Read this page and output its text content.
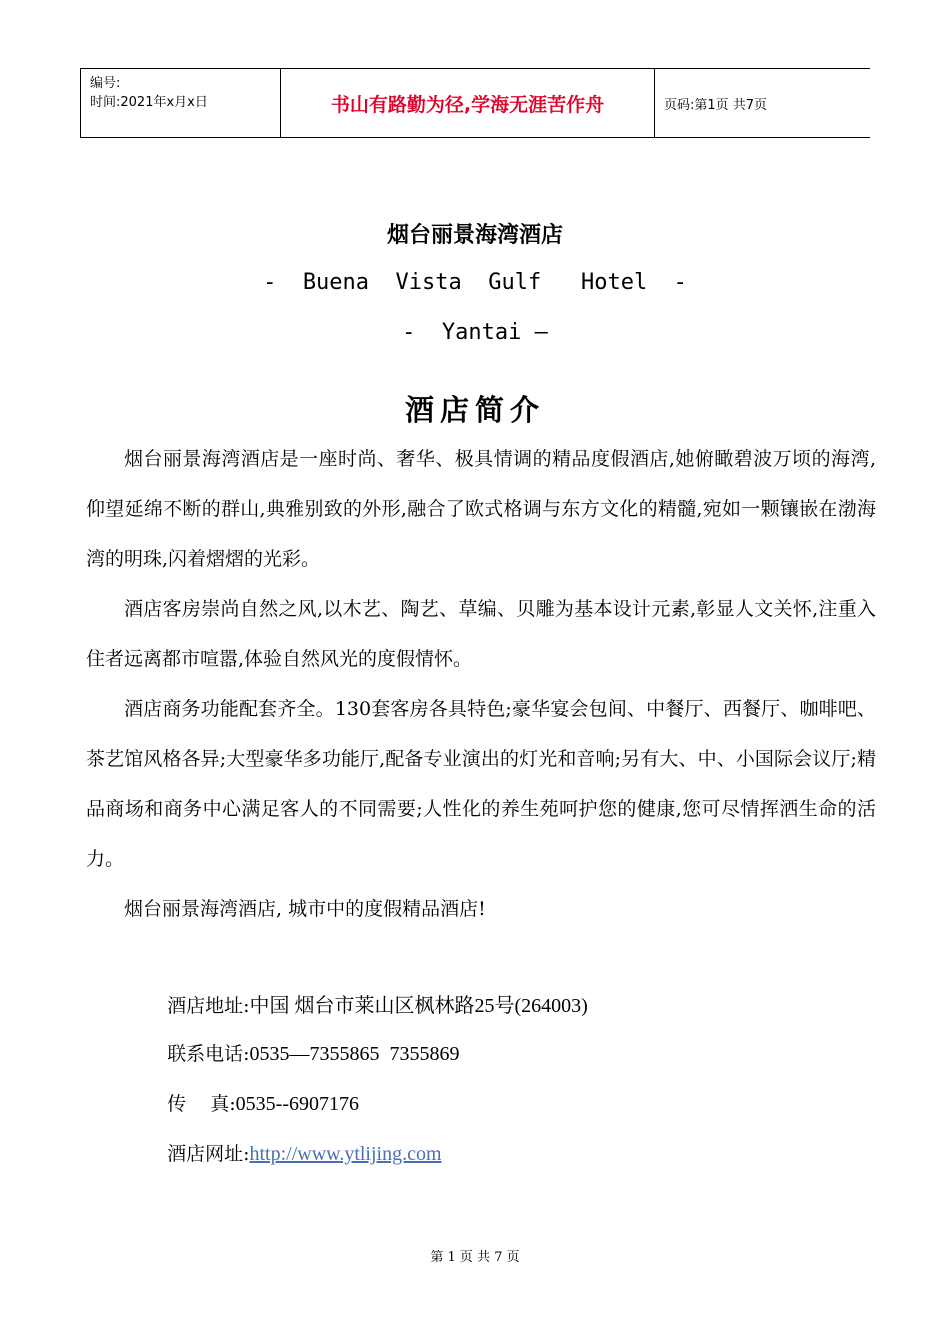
编号:
时间:2021年x月x日	书山有路勤为径,学海无涯苦作舟	页码:第1页 共7页
烟台丽景海湾酒店
-  Buena  Vista  Gulf   Hotel  -
-  Yantai –
酒店简介
烟台丽景海湾酒店是一座时尚、奢华、极具情调的精品度假酒店,她俯瞰碧波万顷的海湾,仰望延绵不断的群山,典雅别致的外形,融合了欧式格调与东方文化的精髓,宛如一颗镶嵌在渤海湾的明珠,闪着熠熠的光彩。
酒店客房崇尚自然之风,以木艺、陶艺、草编、贝雕为基本设计元素,彰显人文关怀,注重入住者远离都市喧嚣,体验自然风光的度假情怀。
酒店商务功能配套齐全。130套客房各具特色;豪华宴会包间、中餐厅、西餐厅、咖啡吧、茶艺馆风格各异;大型豪华多功能厅,配备专业演出的灯光和音响;另有大、中、小国际会议厅;精品商场和商务中心满足客人的不同需要;人性化的养生苑呵护您的健康,您可尽情挥洒生命的活力。
烟台丽景海湾酒店, 城市中的度假精品酒店!

酒店地址:中国 烟台市莱山区枫林路25号(264003)

联系电话:0535—7355865  7355869

传    真:0535--6907176

酒店网址:http://www.ytlijing.com

第 1 页 共 7 页
